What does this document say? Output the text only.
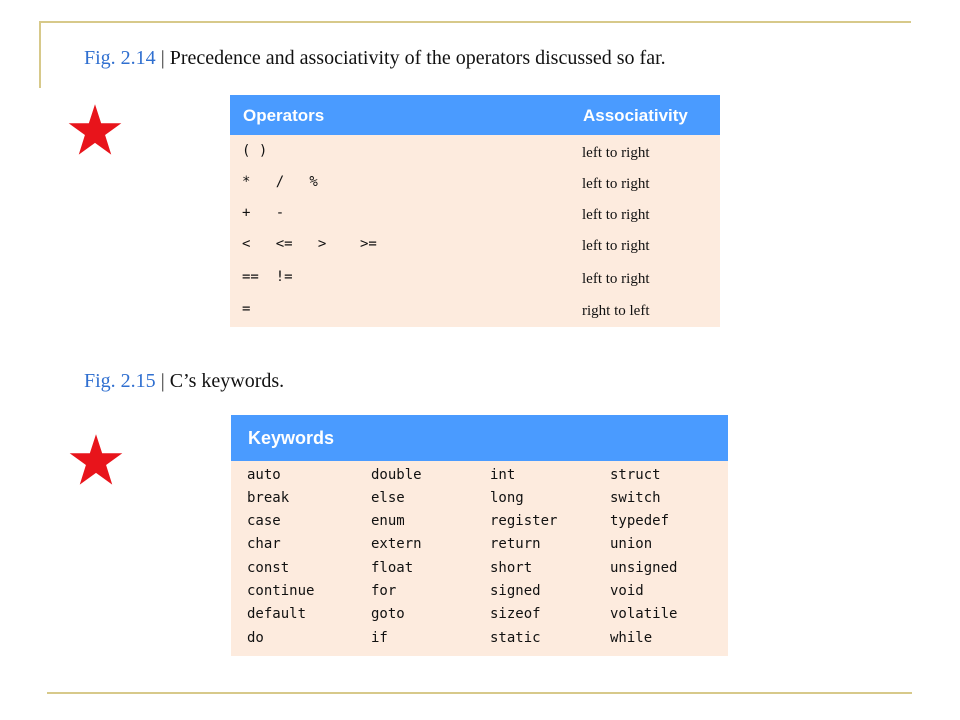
Fig. 2.14 | Precedence and associativity of the operators discussed so far.
Operators	Associativity
( )	left to right
*   /   %	left to right
+   -	left to right
<   <=   >    >=	left to right
==  !=	left to right
=	right to left
Fig. 2.15 | C’s keywords.
Keywords
auto	double	int	struct
break	else	long	switch
case	enum	register	typedef
char	extern	return	union
const	float	short	unsigned
continue	for	signed	void
default	goto	sizeof	volatile
do	if	static	while
